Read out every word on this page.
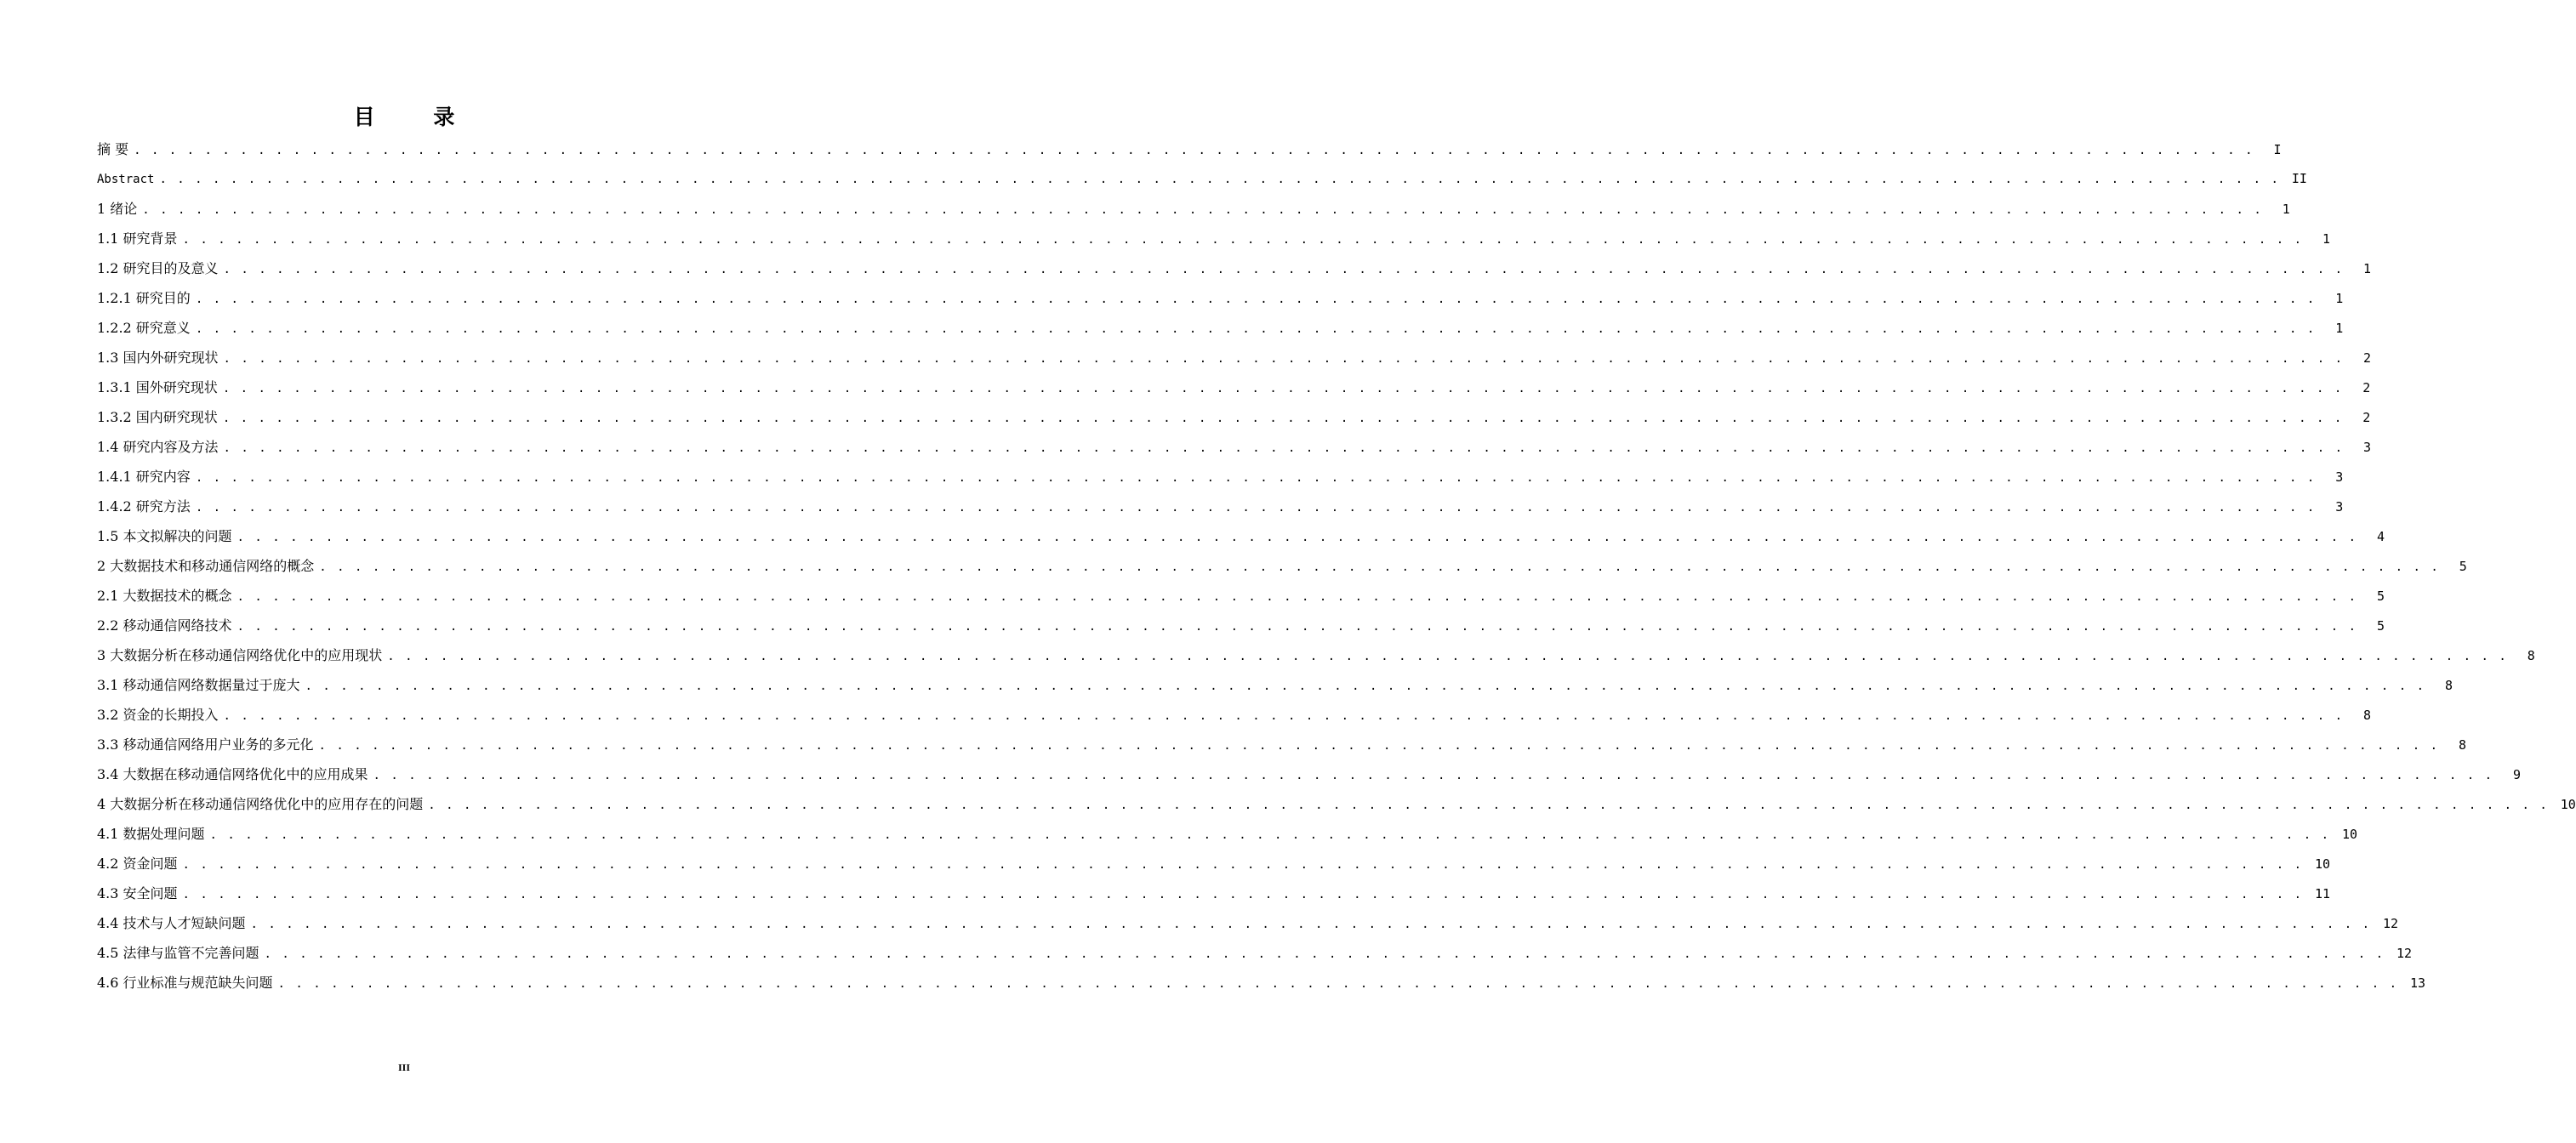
目 录
摘 要 . . . . . . . . . . . . . . . . . . . . . . . . . . . . . . . . . . . . . . . . . . . . . . . . . . . . . . . . . . . . . . . . . . . . . . . . . . . . . . . . . . . . . . . . . . . . . . . . . . . . . . . . . . . . . . . . . . . . . . . .	I
Abstract . . . . . . . . . . . . . . . . . . . . . . . . . . . . . . . . . . . . . . . . . . . . . . . . . . . . . . . . . . . . . . . . . . . . . . . . . . . . . . . . . . . . . . . . . . . . . . . . . . . . . . . . . . . . . . . . . . . . . . . . II
1 绪论 . . . . . . . . . . . . . . . . . . . . . . . . . . . . . . . . . . . . . . . . . . . . . . . . . . . . . . . . . . . . . . . . . . . . . . . . . . . . . . . . . . . . . . . . . . . . . . . . . . . . . . . . . . . . . . . . . . . . . . . .	1
1.1 研究背景 . . . . . . . . . . . . . . . . . . . . . . . . . . . . . . . . . . . . . . . . . . . . . . . . . . . . . . . . . . . . . . . . . . . . . . . . . . . . . . . . . . . . . . . . . . . . . . . . . . . . . . . . . . . . . . . . . . . . . . . .	1
1.2 研究目的及意义 . . . . . . . . . . . . . . . . . . . . . . . . . . . . . . . . . . . . . . . . . . . . . . . . . . . . . . . . . . . . . . . . . . . . . . . . . . . . . . . . . . . . . . . . . . . . . . . . . . . . . . . . . . . . . . . . . . . . . . . .	1
1.2.1 研究目的 . . . . . . . . . . . . . . . . . . . . . . . . . . . . . . . . . . . . . . . . . . . . . . . . . . . . . . . . . . . . . . . . . . . . . . . . . . . . . . . . . . . . . . . . . . . . . . . . . . . . . . . . . . . . . . . . . . . . . . . .	1
1.2.2 研究意义 . . . . . . . . . . . . . . . . . . . . . . . . . . . . . . . . . . . . . . . . . . . . . . . . . . . . . . . . . . . . . . . . . . . . . . . . . . . . . . . . . . . . . . . . . . . . . . . . . . . . . . . . . . . . . . . . . . . . . . . .	1
1.3 国内外研究现状 . . . . . . . . . . . . . . . . . . . . . . . . . . . . . . . . . . . . . . . . . . . . . . . . . . . . . . . . . . . . . . . . . . . . . . . . . . . . . . . . . . . . . . . . . . . . . . . . . . . . . . . . . . . . . . . . . . . . . . . .	2
1.3.1 国外研究现状 . . . . . . . . . . . . . . . . . . . . . . . . . . . . . . . . . . . . . . . . . . . . . . . . . . . . . . . . . . . . . . . . . . . . . . . . . . . . . . . . . . . . . . . . . . . . . . . . . . . . . . . . . . . . . . . . . . . . . . . .	2
1.3.2 国内研究现状 . . . . . . . . . . . . . . . . . . . . . . . . . . . . . . . . . . . . . . . . . . . . . . . . . . . . . . . . . . . . . . . . . . . . . . . . . . . . . . . . . . . . . . . . . . . . . . . . . . . . . . . . . . . . . . . . . . . . . . . .	2
1.4 研究内容及方法 . . . . . . . . . . . . . . . . . . . . . . . . . . . . . . . . . . . . . . . . . . . . . . . . . . . . . . . . . . . . . . . . . . . . . . . . . . . . . . . . . . . . . . . . . . . . . . . . . . . . . . . . . . . . . . . . . . . . . . . .	3
1.4.1 研究内容 . . . . . . . . . . . . . . . . . . . . . . . . . . . . . . . . . . . . . . . . . . . . . . . . . . . . . . . . . . . . . . . . . . . . . . . . . . . . . . . . . . . . . . . . . . . . . . . . . . . . . . . . . . . . . . . . . . . . . . . .	3
1.4.2 研究方法 . . . . . . . . . . . . . . . . . . . . . . . . . . . . . . . . . . . . . . . . . . . . . . . . . . . . . . . . . . . . . . . . . . . . . . . . . . . . . . . . . . . . . . . . . . . . . . . . . . . . . . . . . . . . . . . . . . . . . . . .	3
1.5 本文拟解决的问题 . . . . . . . . . . . . . . . . . . . . . . . . . . . . . . . . . . . . . . . . . . . . . . . . . . . . . . . . . . . . . . . . . . . . . . . . . . . . . . . . . . . . . . . . . . . . . . . . . . . . . . . . . . . . . . . . . . . . . . . .	4
2 大数据技术和移动通信网络的概念 . . . . . . . . . . . . . . . . . . . . . . . . . . . . . . . . . . . . . . . . . . . . . . . . . . . . . . . . . . . . . . . . . . . . . . . . . . . . . . . . . . . . . . . . . . . . . . . . . . . . . . . . . . . . . . . . . . . . . . . .	5
2.1 大数据技术的概念 . . . . . . . . . . . . . . . . . . . . . . . . . . . . . . . . . . . . . . . . . . . . . . . . . . . . . . . . . . . . . . . . . . . . . . . . . . . . . . . . . . . . . . . . . . . . . . . . . . . . . . . . . . . . . . . . . . . . . . . .	5
2.2 移动通信网络技术 . . . . . . . . . . . . . . . . . . . . . . . . . . . . . . . . . . . . . . . . . . . . . . . . . . . . . . . . . . . . . . . . . . . . . . . . . . . . . . . . . . . . . . . . . . . . . . . . . . . . . . . . . . . . . . . . . . . . . . . .	5
3 大数据分析在移动通信网络优化中的应用现状 . . . . . . . . . . . . . . . . . . . . . . . . . . . . . . . . . . . . . . . . . . . . . . . . . . . . . . . . . . . . . . . . . . . . . . . . . . . . . . . . . . . . . . . . . . . . . . . . . . . . . . . . . . . . . . . . . . . . . . . .	8
3.1 移动通信网络数据量过于庞大 . . . . . . . . . . . . . . . . . . . . . . . . . . . . . . . . . . . . . . . . . . . . . . . . . . . . . . . . . . . . . . . . . . . . . . . . . . . . . . . . . . . . . . . . . . . . . . . . . . . . . . . . . . . . . . . . . . . . . . . .	8
3.2 资金的长期投入 . . . . . . . . . . . . . . . . . . . . . . . . . . . . . . . . . . . . . . . . . . . . . . . . . . . . . . . . . . . . . . . . . . . . . . . . . . . . . . . . . . . . . . . . . . . . . . . . . . . . . . . . . . . . . . . . . . . . . . . .	8
3.3 移动通信网络用户业务的多元化 . . . . . . . . . . . . . . . . . . . . . . . . . . . . . . . . . . . . . . . . . . . . . . . . . . . . . . . . . . . . . . . . . . . . . . . . . . . . . . . . . . . . . . . . . . . . . . . . . . . . . . . . . . . . . . . . . . . . . . . .	8
3.4 大数据在移动通信网络优化中的应用成果 . . . . . . . . . . . . . . . . . . . . . . . . . . . . . . . . . . . . . . . . . . . . . . . . . . . . . . . . . . . . . . . . . . . . . . . . . . . . . . . . . . . . . . . . . . . . . . . . . . . . . . . . . . . . . . . . . . . . . . . .	9
4 大数据分析在移动通信网络优化中的应用存在的问题 . . . . . . . . . . . . . . . . . . . . . . . . . . . . . . . . . . . . . . . . . . . . . . . . . . . . . . . . . . . . . . . . . . . . . . . . . . . . . . . . . . . . . . . . . . . . . . . . . . . . . . . . . . . . . . . . . . . . . . . . 10
4.1 数据处理问题 . . . . . . . . . . . . . . . . . . . . . . . . . . . . . . . . . . . . . . . . . . . . . . . . . . . . . . . . . . . . . . . . . . . . . . . . . . . . . . . . . . . . . . . . . . . . . . . . . . . . . . . . . . . . . . . . . . . . . . . . 10
4.2 资金问题 . . . . . . . . . . . . . . . . . . . . . . . . . . . . . . . . . . . . . . . . . . . . . . . . . . . . . . . . . . . . . . . . . . . . . . . . . . . . . . . . . . . . . . . . . . . . . . . . . . . . . . . . . . . . . . . . . . . . . . . . 10
4.3 安全问题 . . . . . . . . . . . . . . . . . . . . . . . . . . . . . . . . . . . . . . . . . . . . . . . . . . . . . . . . . . . . . . . . . . . . . . . . . . . . . . . . . . . . . . . . . . . . . . . . . . . . . . . . . . . . . . . . . . . . . . . . 11
4.4 技术与人才短缺问题 . . . . . . . . . . . . . . . . . . . . . . . . . . . . . . . . . . . . . . . . . . . . . . . . . . . . . . . . . . . . . . . . . . . . . . . . . . . . . . . . . . . . . . . . . . . . . . . . . . . . . . . . . . . . . . . . . . . . . . . . 12
4.5 法律与监管不完善问题 . . . . . . . . . . . . . . . . . . . . . . . . . . . . . . . . . . . . . . . . . . . . . . . . . . . . . . . . . . . . . . . . . . . . . . . . . . . . . . . . . . . . . . . . . . . . . . . . . . . . . . . . . . . . . . . . . . . . . . . . 12
4.6 行业标准与规范缺失问题 . . . . . . . . . . . . . . . . . . . . . . . . . . . . . . . . . . . . . . . . . . . . . . . . . . . . . . . . . . . . . . . . . . . . . . . . . . . . . . . . . . . . . . . . . . . . . . . . . . . . . . . . . . . . . . . . . . . . . . . . 13
III
